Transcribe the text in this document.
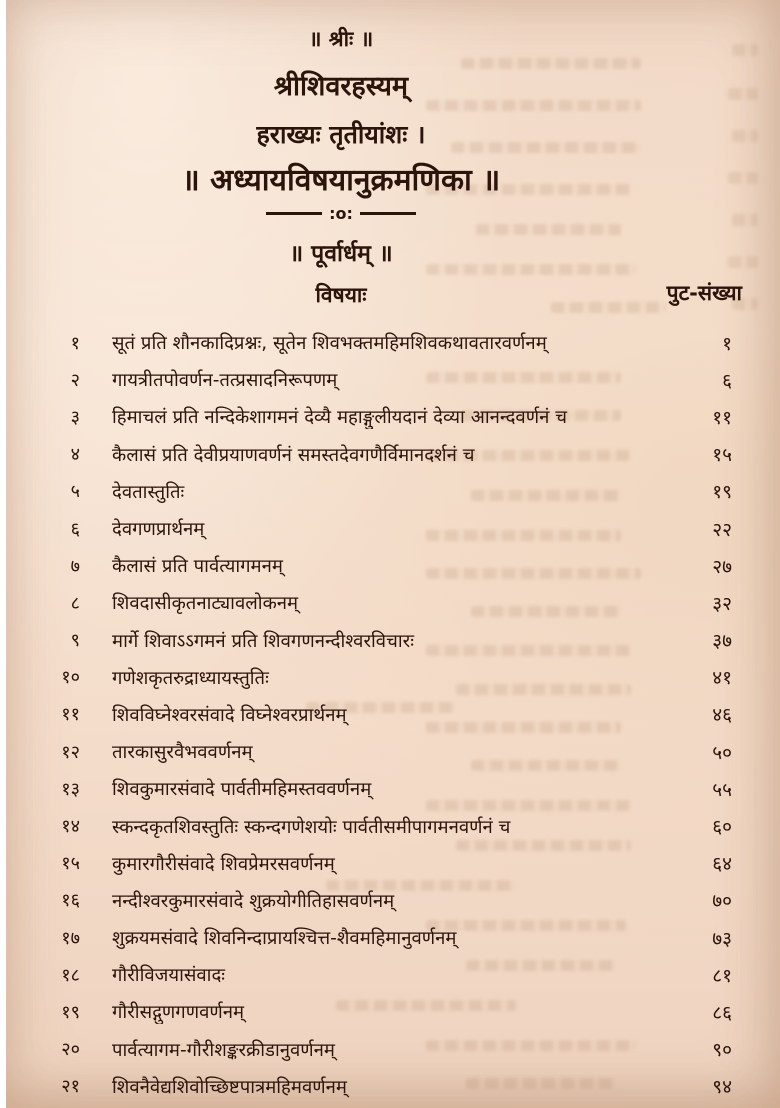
॥ श्रीः ॥
श्रीशिवरहस्यम्
हराख्यः तृतीयांशः ।
॥ अध्यायविषयानुक्रमणिका ॥
:o:
॥ पूर्वार्धम् ॥
विषयाः	पुट-संख्या
१ सूतं प्रति शौनकादिप्रश्नः, सूतेन शिवभक्तमहिमशिवकथावतारवर्णनम्	१
२ गायत्रीतपोवर्णन-तत्प्रसादनिरूपणम्	६
३ हिमाचलं प्रति नन्दिकेशागमनं देव्यै महाङ्गुलीयदानं देव्या आनन्दवर्णनं च	११
४ कैलासं प्रति देवीप्रयाणवर्णनं समस्तदेवगणैर्विमानदर्शनं च	१५
५ देवतास्तुतिः	१९
६ देवगणप्रार्थनम्	२२
७ कैलासं प्रति पार्वत्यागमनम्	२७
८ शिवदासीकृतनाट्यावलोकनम्	३२
९ मार्गे शिवाऽऽगमनं प्रति शिवगणनन्दीश्वरविचारः	३७
१० गणेशकृतरुद्राध्यायस्तुतिः	४१
११ शिवविघ्नेश्वरसंवादे विघ्नेश्वरप्रार्थनम्	४६
१२ तारकासुरवैभववर्णनम्	५०
१३ शिवकुमारसंवादे पार्वतीमहिमस्तववर्णनम्	५५
१४ स्कन्दकृतशिवस्तुतिः स्कन्दगणेशयोः पार्वतीसमीपागमनवर्णनं च	६०
१५ कुमारगौरीसंवादे शिवप्रेमरसवर्णनम्	६४
१६ नन्दीश्वरकुमारसंवादे शुक्रयोगीतिहासवर्णनम्	७०
१७ शुक्रयमसंवादे शिवनिन्दाप्रायश्चित्त-शैवमहिमानुवर्णनम्	७३
१८ गौरीविजयासंवादः	८१
१९ गौरीसद्गुणगणवर्णनम्	८६
२० पार्वत्यागम-गौरीशङ्करक्रीडानुवर्णनम्	९०
२१ शिवनैवेद्यशिवोच्छिष्टपात्रमहिमवर्णनम्	९४
